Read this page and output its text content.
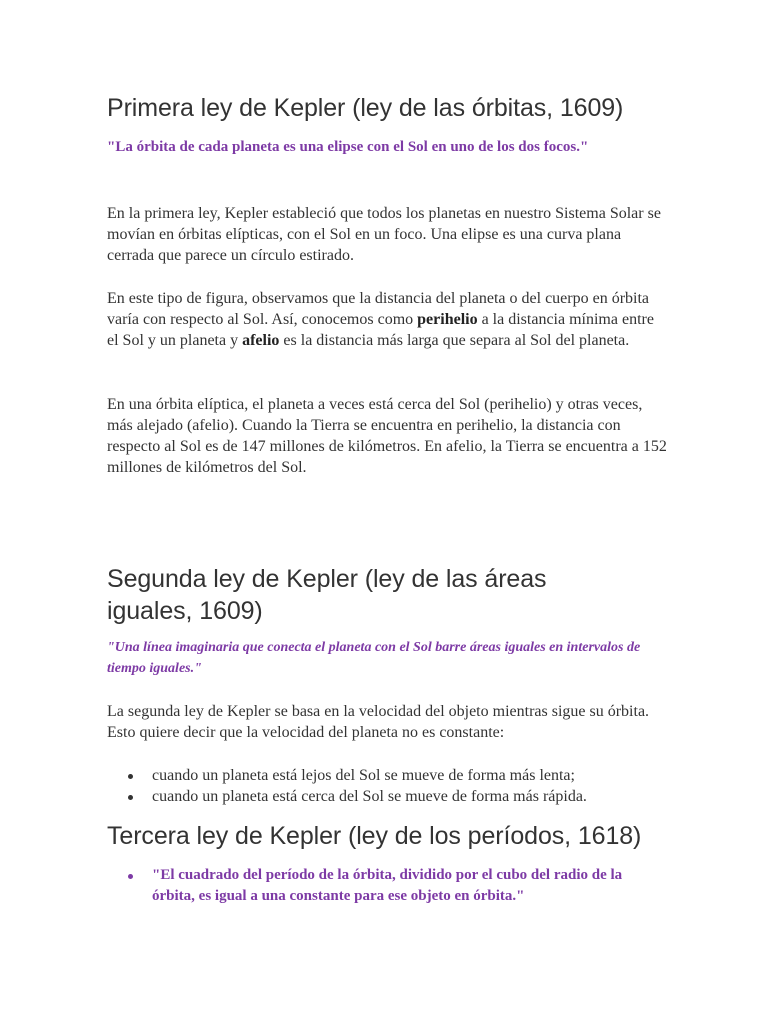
Primera ley de Kepler (ley de las órbitas, 1609)

"La órbita de cada planeta es una elipse con el Sol en uno de los dos focos."

En la primera ley, Kepler estableció que todos los planetas en nuestro Sistema Solar se movían en órbitas elípticas, con el Sol en un foco. Una elipse es una curva plana cerrada que parece un círculo estirado.

En este tipo de figura, observamos que la distancia del planeta o del cuerpo en órbita varía con respecto al Sol. Así, conocemos como perihelio a la distancia mínima entre el Sol y un planeta y afelio es la distancia más larga que separa al Sol del planeta.

En una órbita elíptica, el planeta a veces está cerca del Sol (perihelio) y otras veces, más alejado (afelio). Cuando la Tierra se encuentra en perihelio, la distancia con respecto al Sol es de 147 millones de kilómetros. En afelio, la Tierra se encuentra a 152 millones de kilómetros del Sol.

Segunda ley de Kepler (ley de las áreas iguales, 1609)

"Una línea imaginaria que conecta el planeta con el Sol barre áreas iguales en intervalos de tiempo iguales."

La segunda ley de Kepler se basa en la velocidad del objeto mientras sigue su órbita. Esto quiere decir que la velocidad del planeta no es constante:

cuando un planeta está lejos del Sol se mueve de forma más lenta;
cuando un planeta está cerca del Sol se mueve de forma más rápida.
Tercera ley de Kepler (ley de los períodos, 1618)
"El cuadrado del período de la órbita, dividido por el cubo del radio de la órbita, es igual a una constante para ese objeto en órbita."
